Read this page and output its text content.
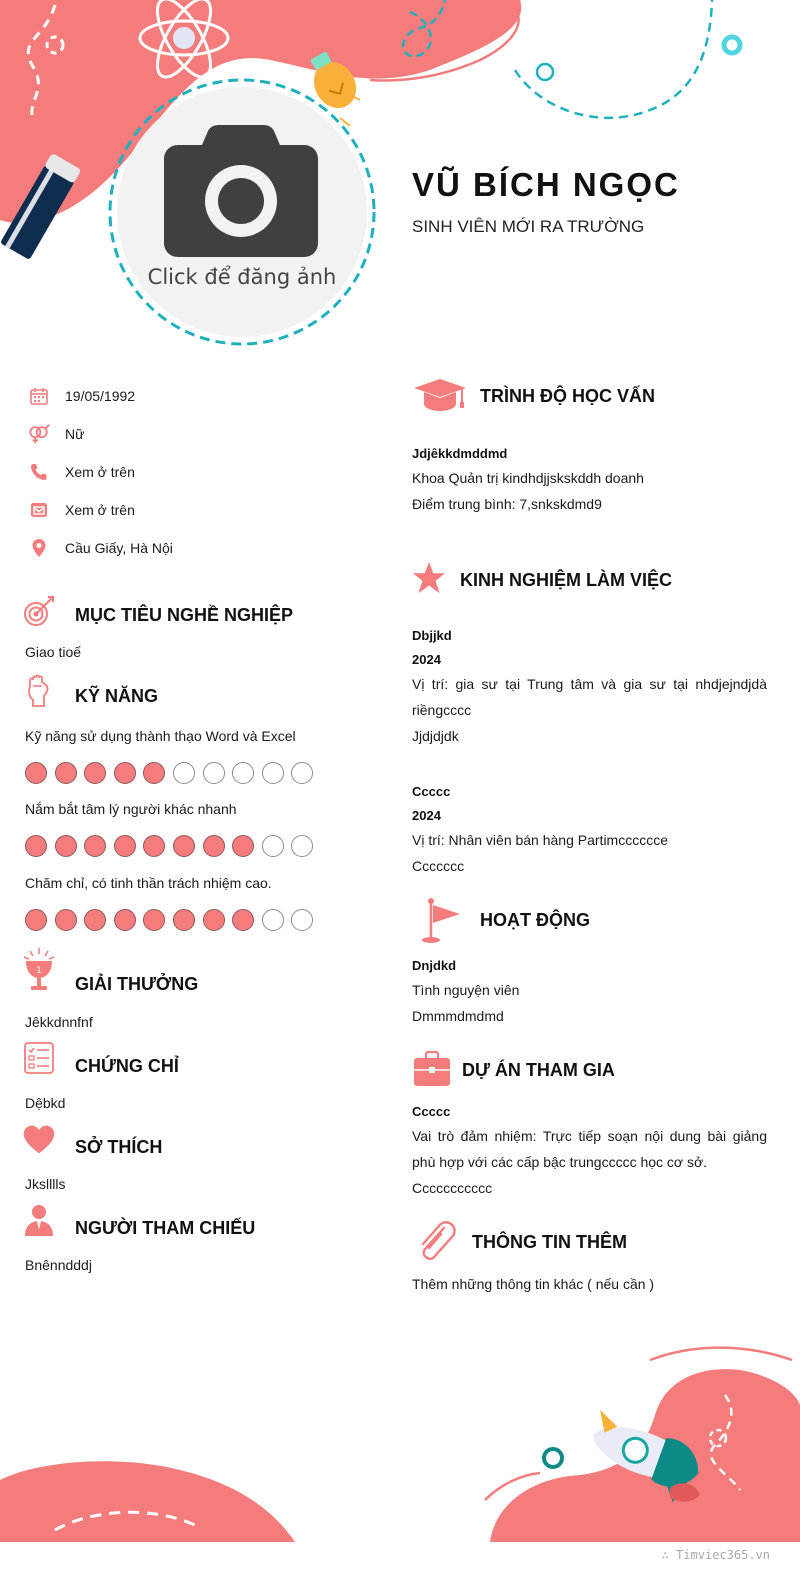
Click để đăng ảnh
VŨ BÍCH NGỌC
SINH VIÊN MỚI RA TRƯỜNG
19/05/1992
Nữ
Xem ở trên
Xem ở trên
Cầu Giấy, Hà Nội
MỤC TIÊU NGHỀ NGHIỆP
Giao tioế
KỸ NĂNG
Kỹ năng sử dụng thành thạo Word và Excel
Nắm bắt tâm lý người khác nhanh
Chăm chỉ, có tinh thần trách nhiệm cao.
1
GIẢI THƯỞNG
Jêkkdnnfnf
CHỨNG CHỈ
Dệbkd
SỞ THÍCH
Jkslllls
NGƯỜI THAM CHIẾU
Bnênndddj
TRÌNH ĐỘ HỌC VẤN
Jdjêkkdmddmd
Khoa Quản trị kindhdjjskskddh doanh
Điểm trung bình: 7,snkskdmd9
KINH NGHIỆM LÀM VIỆC
Dbjjkd
2024
Vị trí: gia sư tại Trung tâm và gia sư tại nhdjejndjdà riềngcccc
Jjdjdjdk
Ccccc
2024
Vị trí: Nhân viên bán hàng Partimcccccce
Ccccccc
HOẠT ĐỘNG
Dnjdkd
Tình nguyện viên
Dmmmdmdmd
DỰ ÁN THAM GIA
Ccccc
Vai trò đảm nhiệm: Trực tiếp soạn nội dung bài giảng phù hợp với các cấp bậc trungccccc học cơ sở.
Ccccccccccc
THÔNG TIN THÊM
Thêm những thông tin khác ( nếu cần )
∴ Timviec365.vn
